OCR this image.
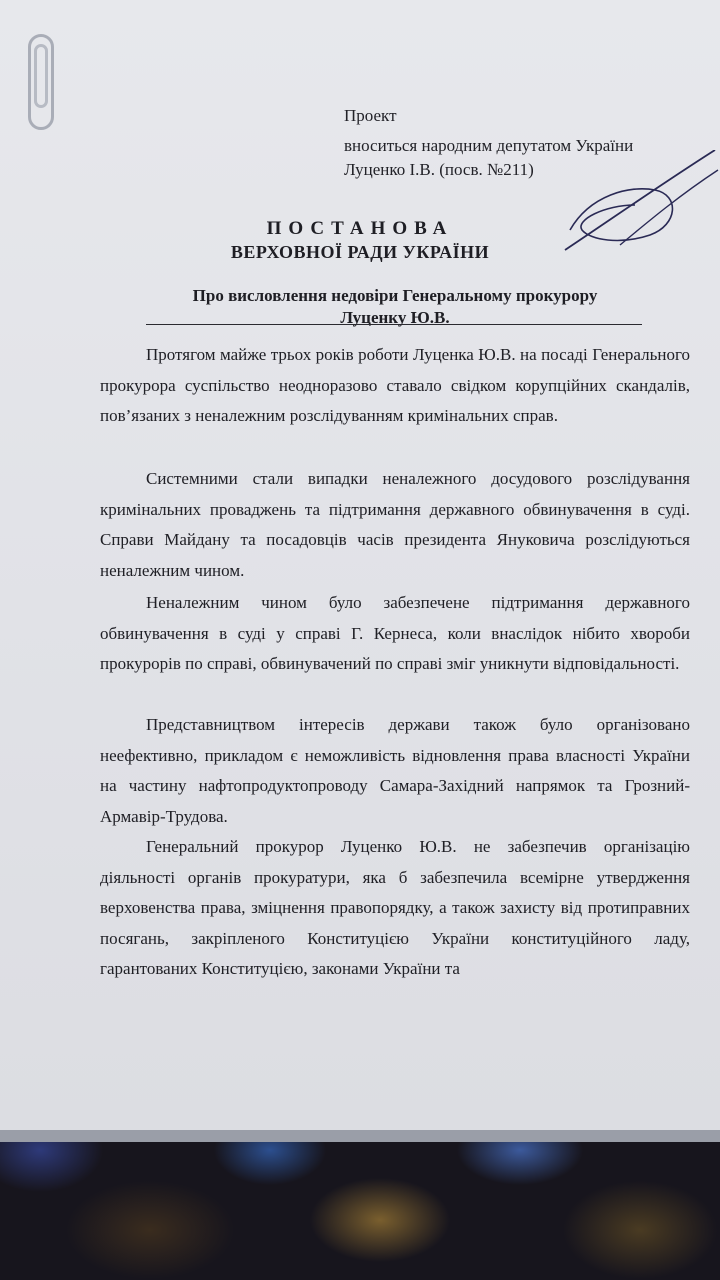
Проект
вноситься народним депутатом України
Луценко І.В. (посв. №211)
ПОСТАНОВА
ВЕРХОВНОЇ РАДИ УКРАЇНИ
Про висловлення недовіри Генеральному прокурору
Луценку Ю.В.
Протягом майже трьох років роботи Луценка Ю.В. на посаді Генерального прокурора суспільство неодноразово ставало свідком корупційних скандалів, пов’язаних з неналежним розслідуванням кримінальних справ.
Системними стали випадки неналежного досудового розслідування кримінальних проваджень та підтримання державного обвинувачення в суді. Справи Майдану та посадовців часів президента Януковича розслідуються неналежним чином.
Неналежним чином було забезпечене підтримання державного обвинувачення в суді у справі Г. Кернеса, коли внаслідок нібито хвороби прокурорів по справі, обвинувачений по справі зміг уникнути відповідальності.
Представництвом інтересів держави також було організовано неефективно, прикладом є неможливість відновлення права власності України на частину нафтопродуктопроводу Самара-Західний напрямок та Грозний-Армавір-Трудова.
Генеральний прокурор Луценко Ю.В. не забезпечив організацію діяльності органів прокуратури, яка б забезпечила всемірне утвердження верховенства права, зміцнення правопорядку, а також захисту від протиправних посягань, закріпленого Конституцією України конституційного ладу, гарантованих Конституцією, законами України та
